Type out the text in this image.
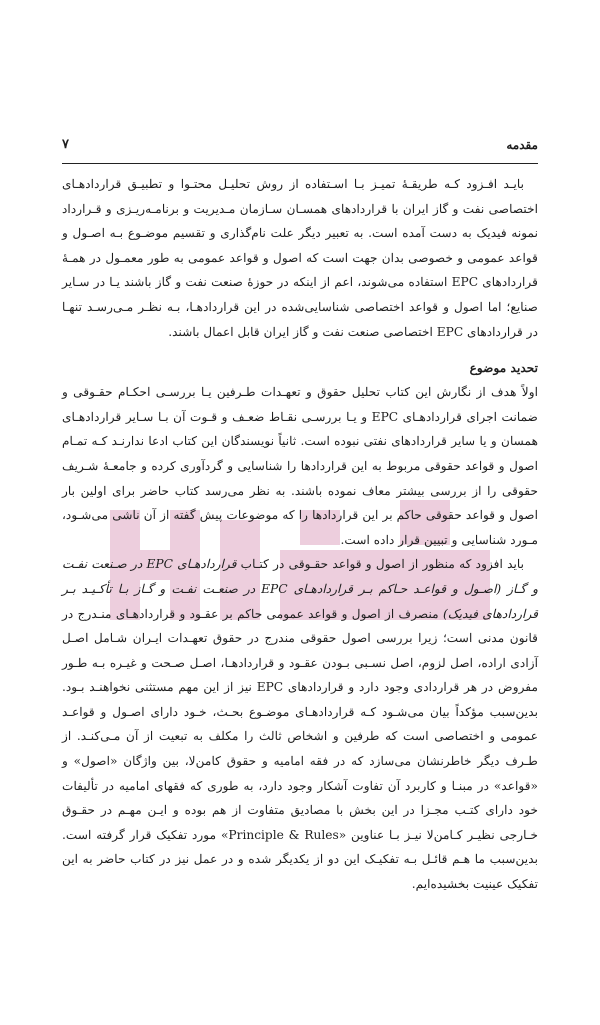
مقدمه
۷

بایـد افـزود کـه طریقـۀ تمیـز بـا اسـتفاده از روش تحلیـل محتـوا و تطبیـق قراردادهـای اختصاصی نفت و گاز ایران با قراردادهای همسـان سـازمان مـدیریت و برنامـه‌ریـزی و قـرارداد نمونه فیدیک به دست آمده است. به تعبیر دیگر علت نام‌گذاری و تقسیم موضـوع بـه اصـول و قواعد عمومی و خصوصی بدان جهت است که اصول و قواعد عمومی به طور معمـول در همـۀ قراردادهای EPC استفاده می‌شوند، اعم از اینکه در حوزۀ صنعت نفت و گاز باشند یـا در سـایر صنایع؛ اما اصول و قواعد اختصاصی شناسایی‌شده در این قراردادهـا، بـه نظـر مـی‌رسـد تنهـا در قراردادهای EPC اختصاصی صنعت نفت و گاز ایران قابل اعمال باشند.

تحدید موضوع

اولاً هدف از نگارش این کتاب تحلیل حقوق و تعهـدات طـرفین یـا بررسـی احکـام حقـوقی و ضمانت اجرای قراردادهـای EPC و یـا بررسـی نقـاط ضعـف و قـوت آن بـا سـایر قراردادهـای همسان و یا سایر قراردادهای نفتی نبوده است. ثانیاً نویسندگان این کتاب ادعا ندارنـد کـه تمـام اصول و قواعد حقوقی مربوط به این قراردادها را شناسایی و گردآوری کرده و جامعـۀ شـریف حقوقی را از بررسی بیشتر معاف نموده باشند. به نظر می‌رسد کتاب حاضر برای اولین بار اصول و قواعد حقوقی حاکم بر این قراردادها را که موضوعات پیش گفته از آن ناشی می‌شـود، مـورد شناسایی و تبیین قرار داده است.

باید افزود که منظور از اصول و قواعد حقـوقی در کتـاب قراردادهـای EPC در صـنعت نفـت و گـاز (اصـول و قواعـد حـاکم بـر قراردادهـای EPC در صنعـت نفـت و گـاز بـا تأکـیـد بـر قراردادهای فیدیک) منصرف از اصول و قواعد عمومی حاکم بر عقـود و قراردادهـای منـدرج در قانون مدنی است؛ زیرا بررسی اصول حقوقی مندرج در حقوق تعهـدات ایـران شـامل اصـل آزادی اراده، اصل لزوم، اصل نسـبی بـودن عقـود و قراردادهـا، اصـل صـحت و غیـره بـه طـور مفروض در هر قراردادی وجود دارد و قراردادهای EPC نیز از این مهم مستثنی نخواهنـد بـود. بدین‌سبب مؤکداً بیان می‌شـود کـه قراردادهـای موضـوع بحـث، خـود دارای اصـول و قواعـد عمومی و اختصاصی است که طرفین و اشخاص ثالث را مکلف به تبعیت از آن مـی‌کنـد. از طـرف دیگر خاطرنشان می‌سازد که در فقه امامیه و حقوق کامن‌لا، بین واژگان «اصول» و «قواعد» در مبنـا و کاربرد آن تفاوت آشکار وجود دارد، به طوری که فقهای امامیه در تألیفات خود دارای کتـب مجـزا در این بخش با مصادیق متفاوت از هم بوده و ایـن مهـم در حقـوق خـارجی نظیـر کـامن‌لا نیـز بـا عناوین «Principle & Rules» مورد تفکیک قرار گرفته است. بدین‌سبب ما هـم قائـل بـه تفکیـک این دو از یکدیگر شده و در عمل نیز در کتاب حاضر به این تفکیک عینیت بخشیده‌ایم.
